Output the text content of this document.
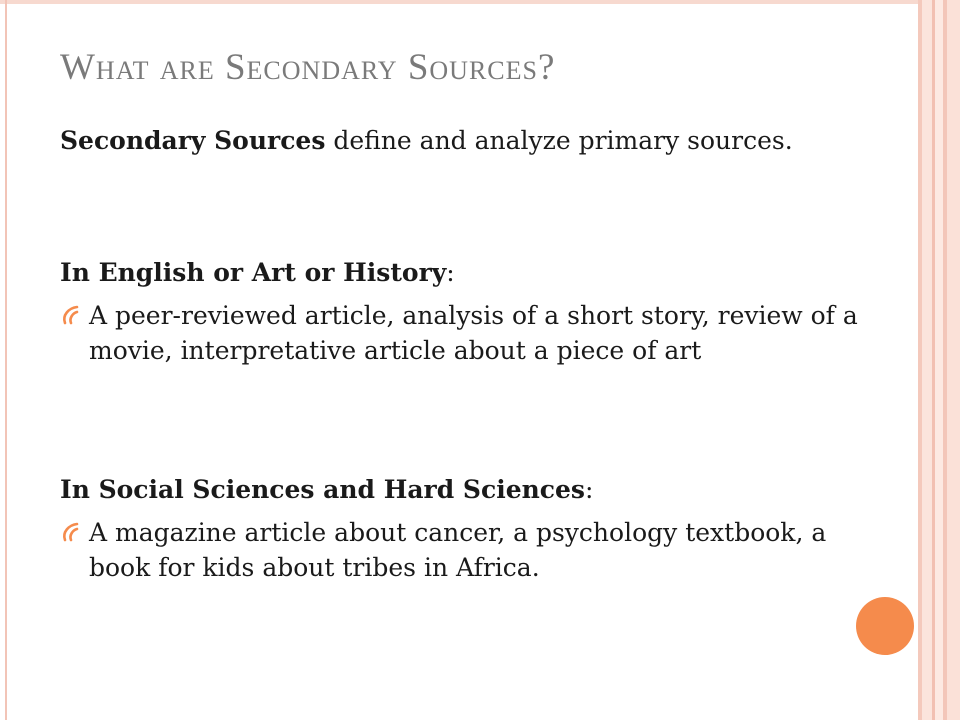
What are Secondary Sources?

Secondary Sources define and analyze primary sources.

In English or Art or History:

A peer-reviewed article, analysis of a short story, review of a movie, interpretative article about a piece of art

In Social Sciences and Hard Sciences:

A magazine article about cancer, a psychology textbook, a book for kids about tribes in Africa.
